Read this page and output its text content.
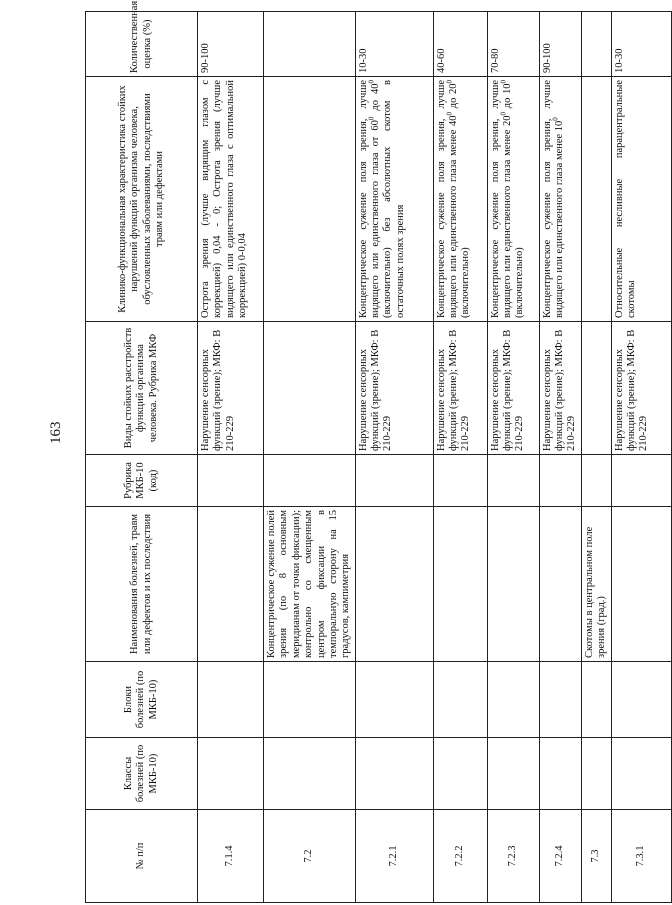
163
№ п/п	Классы болезней (по МКБ-10)	Блоки болезней (по МКБ-10)	Наименования болезней, травм или дефектов и их последствия	Рубрика МКБ-10 (код)	Виды стойких расстройств функций организма человека. Рубрика МКФ	Клинико-функциональная характеристика стойких нарушений функций организма человека, обусловленных заболеваниями, последствиями травм или дефектами	Количественная оценка (%)
7.1.4					Нарушение сенсорных функций (зрение); МКФ: В 210-229	Острота зрения (лучше видящим глазом с коррекцией) 0,04 - 0; Острота зрения (лучше видящего или единственного глаза с оптимальной коррекцией) 0-0,04	90-100
7.2			Концентрическое сужение полей зрения (по 8 основным меридианам от точки фиксации); контрольно со смещенным центром фиксации в темпоральную сторону на 15 градусов, кампиметрия				
7.2.1					Нарушение сенсорных функций (зрение); МКФ: В 210-229	Концентрическое сужение поля зрения, лучше видящего или единственного глаза от $60^0$ до $40^0$ (включительно) без абсолютных скотом в остаточных полях зрения	10-30
7.2.2					Нарушение сенсорных функций (зрение); МКФ: В 210-229	Концентрическое сужение поля зрения, лучше видящего или единственного глаза менее $40^0$ до $20^0$ (включительно)	40-60
7.2.3					Нарушение сенсорных функций (зрение); МКФ: В 210-229	Концентрическое сужение поля зрения, лучше видящего или единственного глаза менее $20^0$ до $10^0$ (включительно)	70-80
7.2.4					Нарушение сенсорных функций (зрение); МКФ: В 210-229	Концентрическое сужение поля зрения, лучше видящего или единственного глаза менее $10^0$	90-100
7.3			Скотомы в центральном поле зрения (град.)				
7.3.1					Нарушение сенсорных функций (зрение); МКФ: В 210-229	Относительные несливные парацентральные скотомы	10-30
